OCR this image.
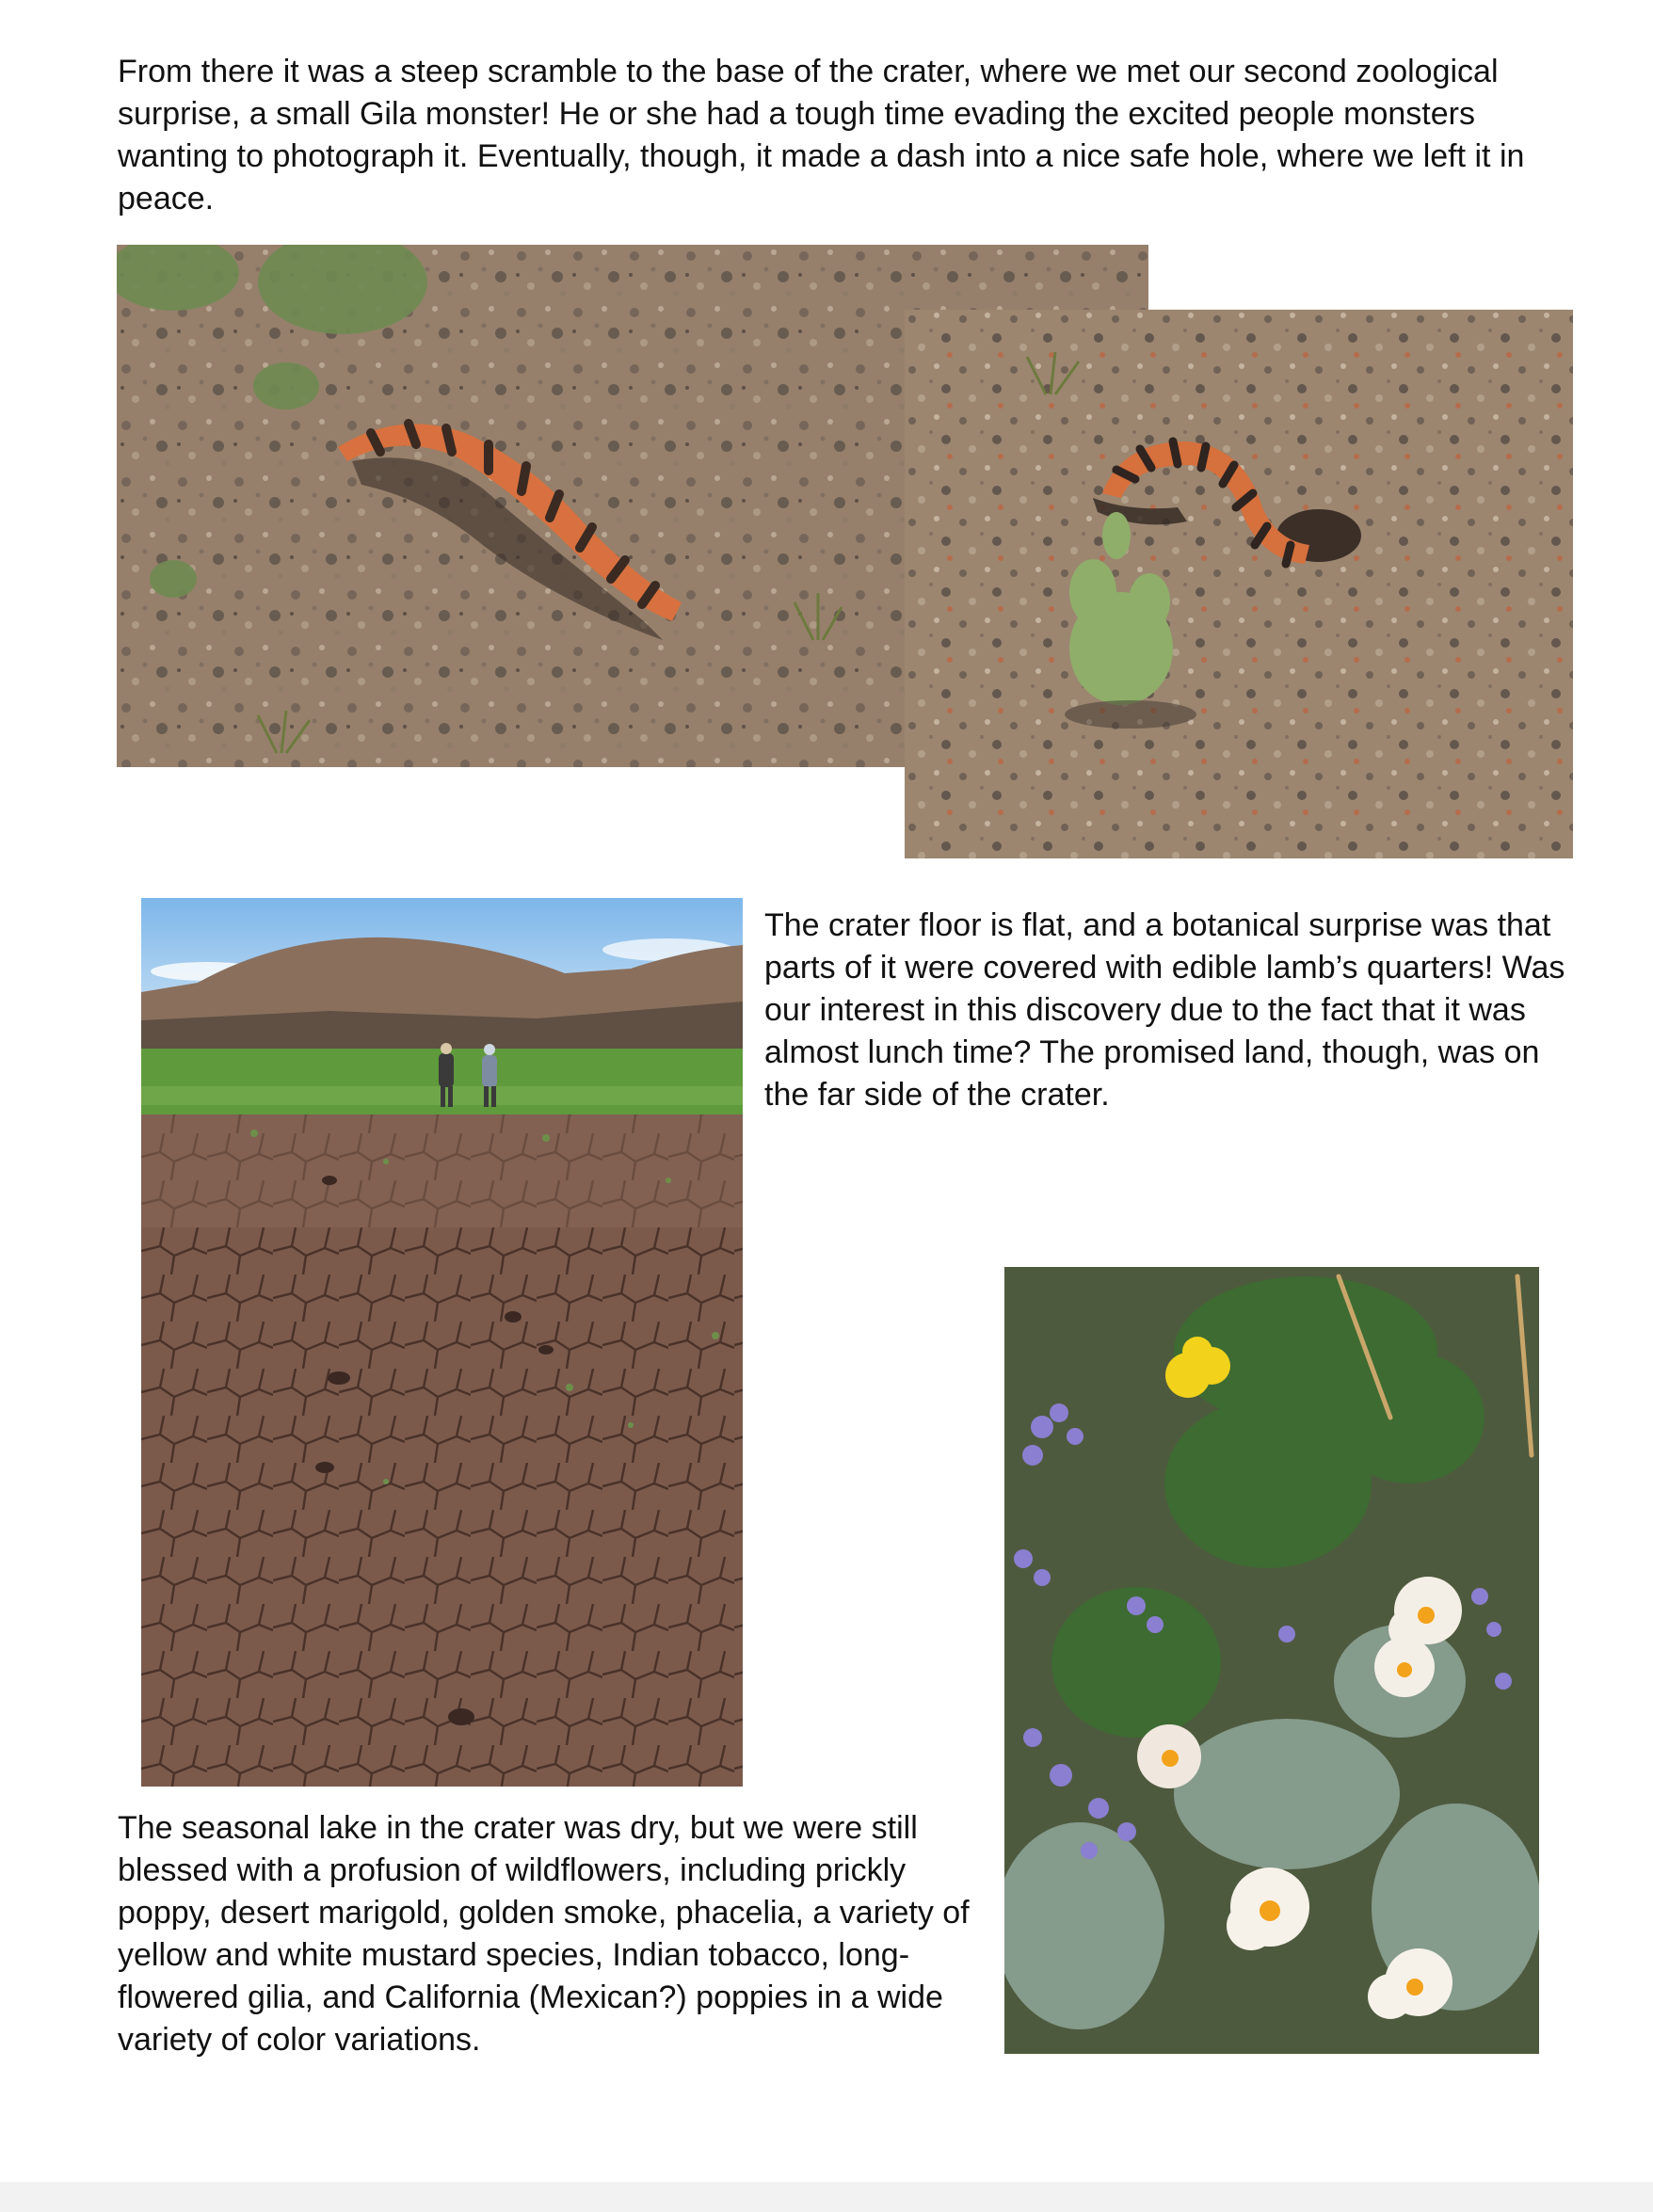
From there it was a steep scramble to the base of the crater, where we met our second zoological surprise, a small Gila monster! He or she had a tough time evading the excited people monsters wanting to photograph it. Eventually, though, it made a dash into a nice safe hole, where we left it in peace.

The crater floor is flat, and a botanical surprise was that parts of it were covered with edible lamb’s quarters! Was our interest in this discovery due to the fact that it was almost lunch time? The promised land, though, was on the far side of the crater.

The seasonal lake in the crater was dry, but we were still blessed with a profusion of wildflowers, including prickly poppy, desert marigold, golden smoke, phacelia, a variety of yellow and white mustard species, Indian tobacco, long-flowered gilia, and California (Mexican?) poppies in a wide variety of color variations.
